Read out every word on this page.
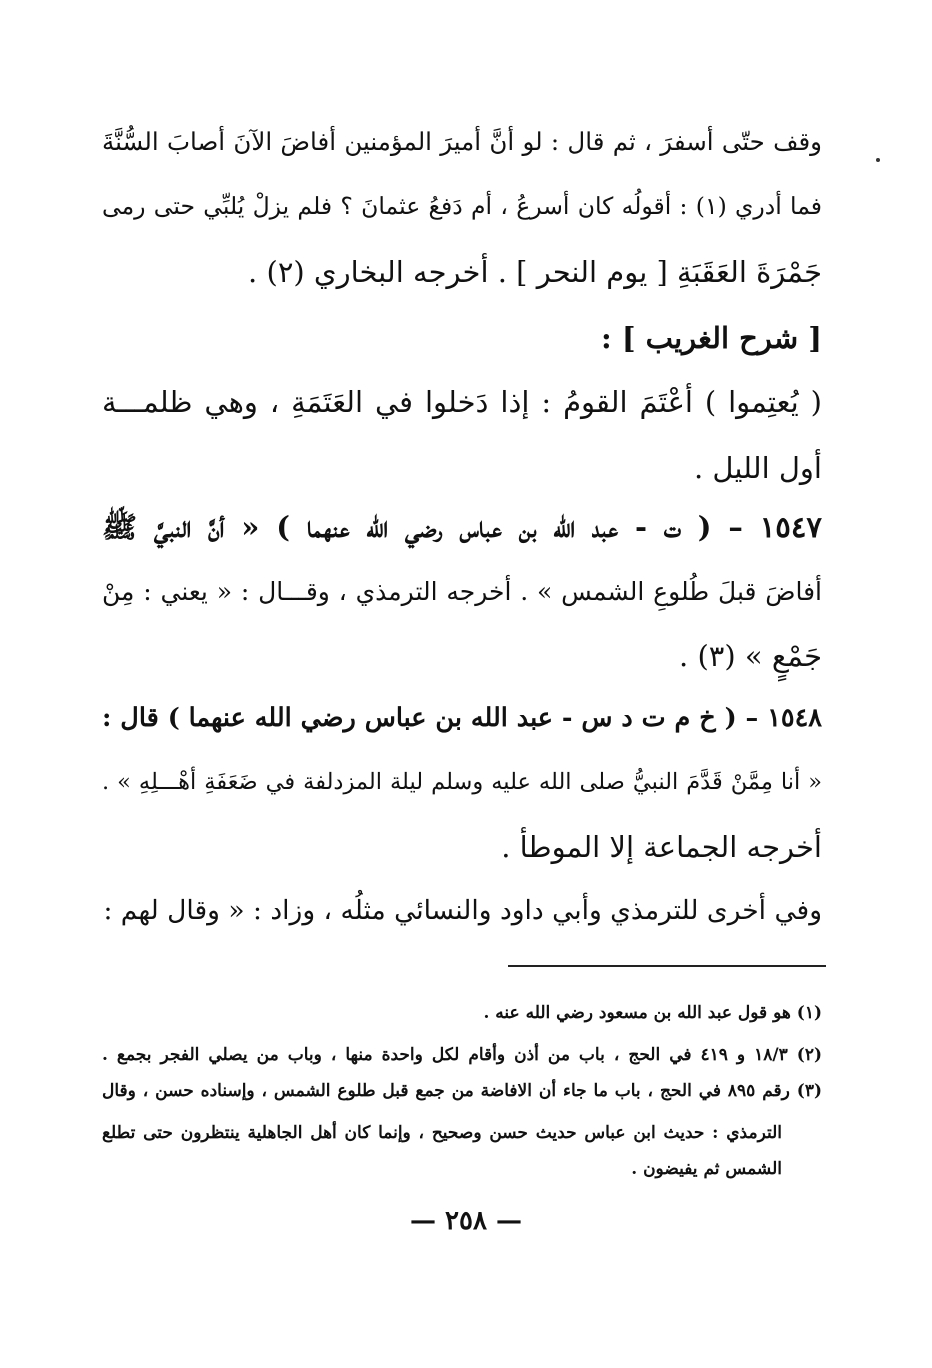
وقف حتّى أسفرَ ، ثم قال : لو أنَّ أميرَ المؤمنين أفاضَ الآنَ أصابَ السُّنَّةَ
فما أدري (١) : أقولُه كان أسرعُ ، أم دَفعُ عثمانَ ؟ فلم يزلْ يُلبِّي حتى رمى
جَمْرَةَ العَقَبَةِ [ يوم النحر ] . أخرجه البخاري (٢) .
[ شرح الغريب ] :
( يُعتِموا ) أعْتَمَ القومُ : إذا دَخلوا في العَتَمَةِ ، وهي ظلمـــة
أول الليل .
١٥٤٧ – ( ت - عبد الله بن عباس رضي الله عنهما ) « أنَّ النبيَّ ﷺ
أفاضَ قبلَ طُلوعِ الشمس » . أخرجه الترمذي ، وقـــال : « يعني : مِنْ
جَمْعٍ » (٣) .
١٥٤٨ – ( خ م ت د س - عبد الله بن عباس رضي الله عنهما ) قال :
« أنا مِمَّنْ قَدَّمَ النبيُّ صلى الله عليه وسلم ليلة المزدلفة في ضَعَفَةِ أهْـــلِهِ » .
أخرجه الجماعة إلا الموطأ .
وفي أخرى للترمذي وأبي داود والنسائي مثلُه ، وزاد : « وقال لهم :
(١) هو قول عبد الله بن مسعود رضي الله عنه .
(٢) ١٨/٣ و ٤١٩ في الحج ، باب من أذن وأقام لكل واحدة منها ، وباب من يصلي الفجر بجمع .
(٣) رقم ٨٩٥ في الحج ، باب ما جاء أن الافاضة من جمع قبل طلوع الشمس ، وإسناده حسن ، وقال
الترمذي : حديث ابن عباس حديث حسن وصحيح ، وإنما كان أهل الجاهلية ينتظرون حتى تطلع
الشمس ثم يفيضون .
— ٢٥٨ —
